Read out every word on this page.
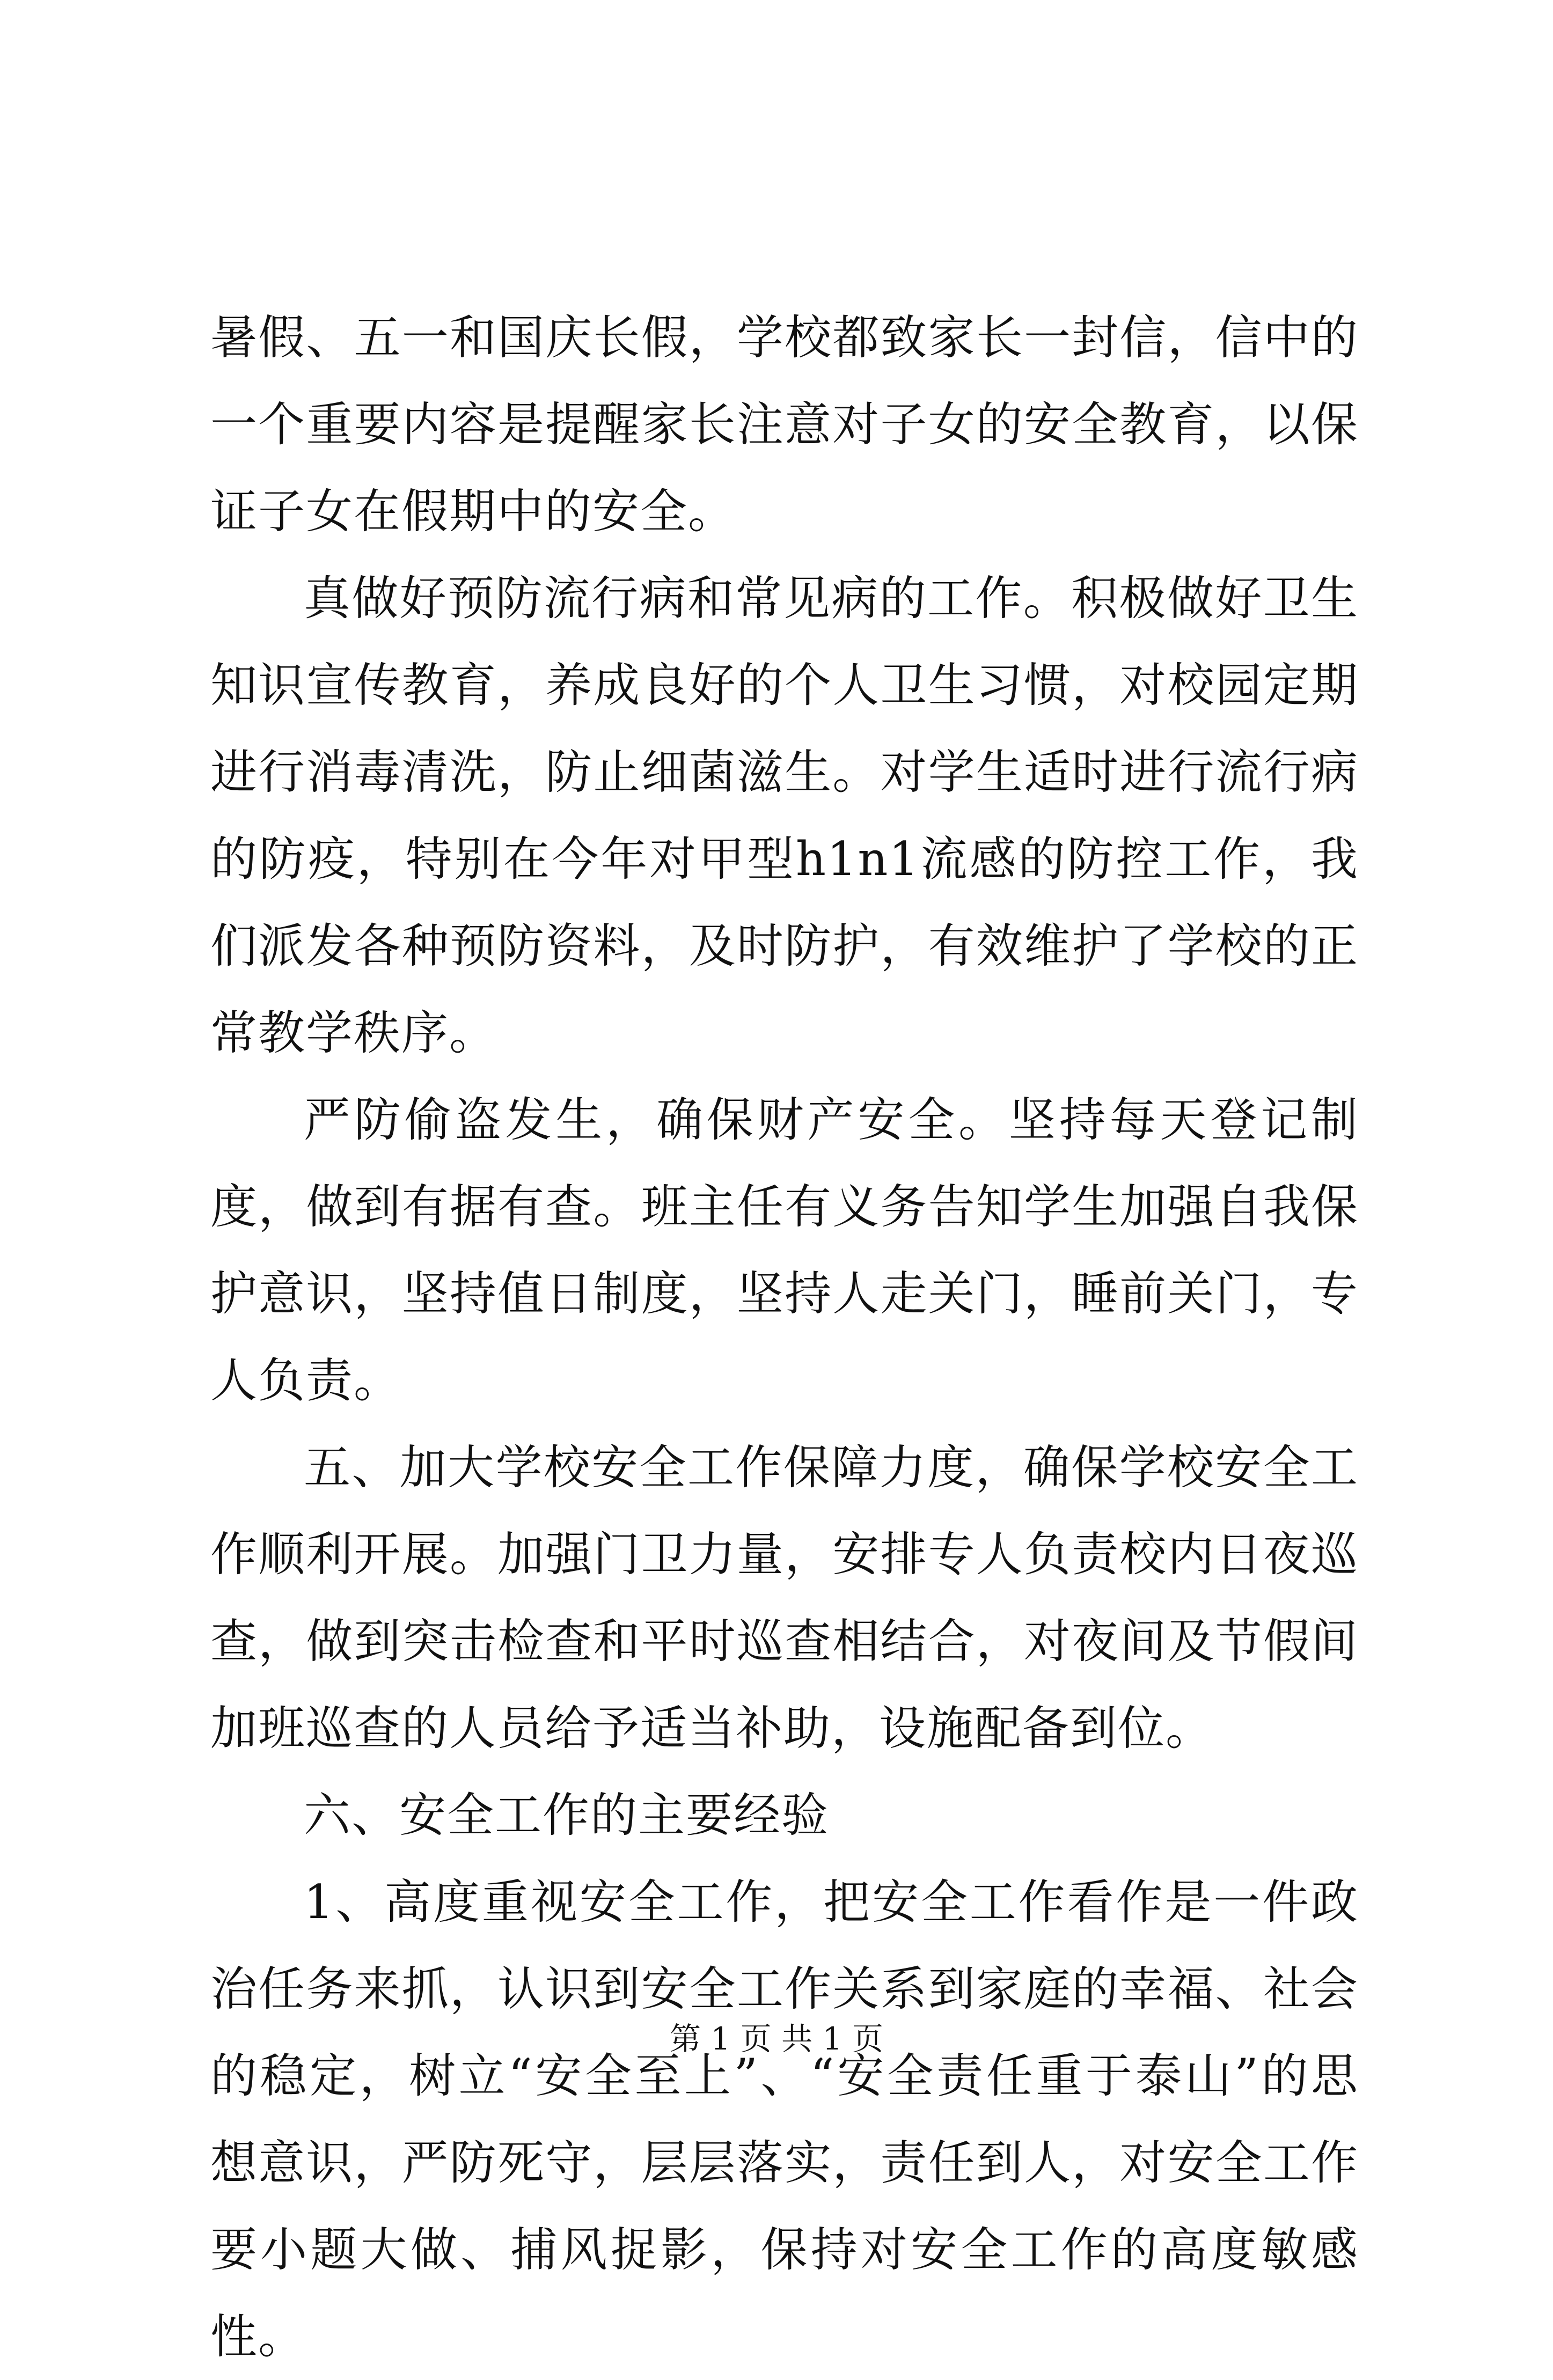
暑假、五一和国庆长假，学校都致家长一封信，信中的一个重要内容是提醒家长注意对子女的安全教育，以保证子女在假期中的安全。

真做好预防流行病和常见病的工作。积极做好卫生知识宣传教育，养成良好的个人卫生习惯，对校园定期进行消毒清洗，防止细菌滋生。对学生适时进行流行病的防疫，特别在今年对甲型h1n1流感的防控工作，我们派发各种预防资料，及时防护，有效维护了学校的正常教学秩序。

严防偷盗发生，确保财产安全。坚持每天登记制度，做到有据有查。班主任有义务告知学生加强自我保护意识，坚持值日制度，坚持人走关门，睡前关门，专人负责。

五、加大学校安全工作保障力度，确保学校安全工作顺利开展。加强门卫力量，安排专人负责校内日夜巡查，做到突击检查和平时巡查相结合，对夜间及节假间加班巡查的人员给予适当补助，设施配备到位。

六、安全工作的主要经验

1、高度重视安全工作，把安全工作看作是一件政治任务来抓，认识到安全工作关系到家庭的幸福、社会的稳定，树立“安全至上”、“安全责任重于泰山”的思想意识，严防死守，层层落实，责任到人，对安全工作要小题大做、捕风捉影，保持对安全工作的高度敏感性。

第 1 页 共 1 页
